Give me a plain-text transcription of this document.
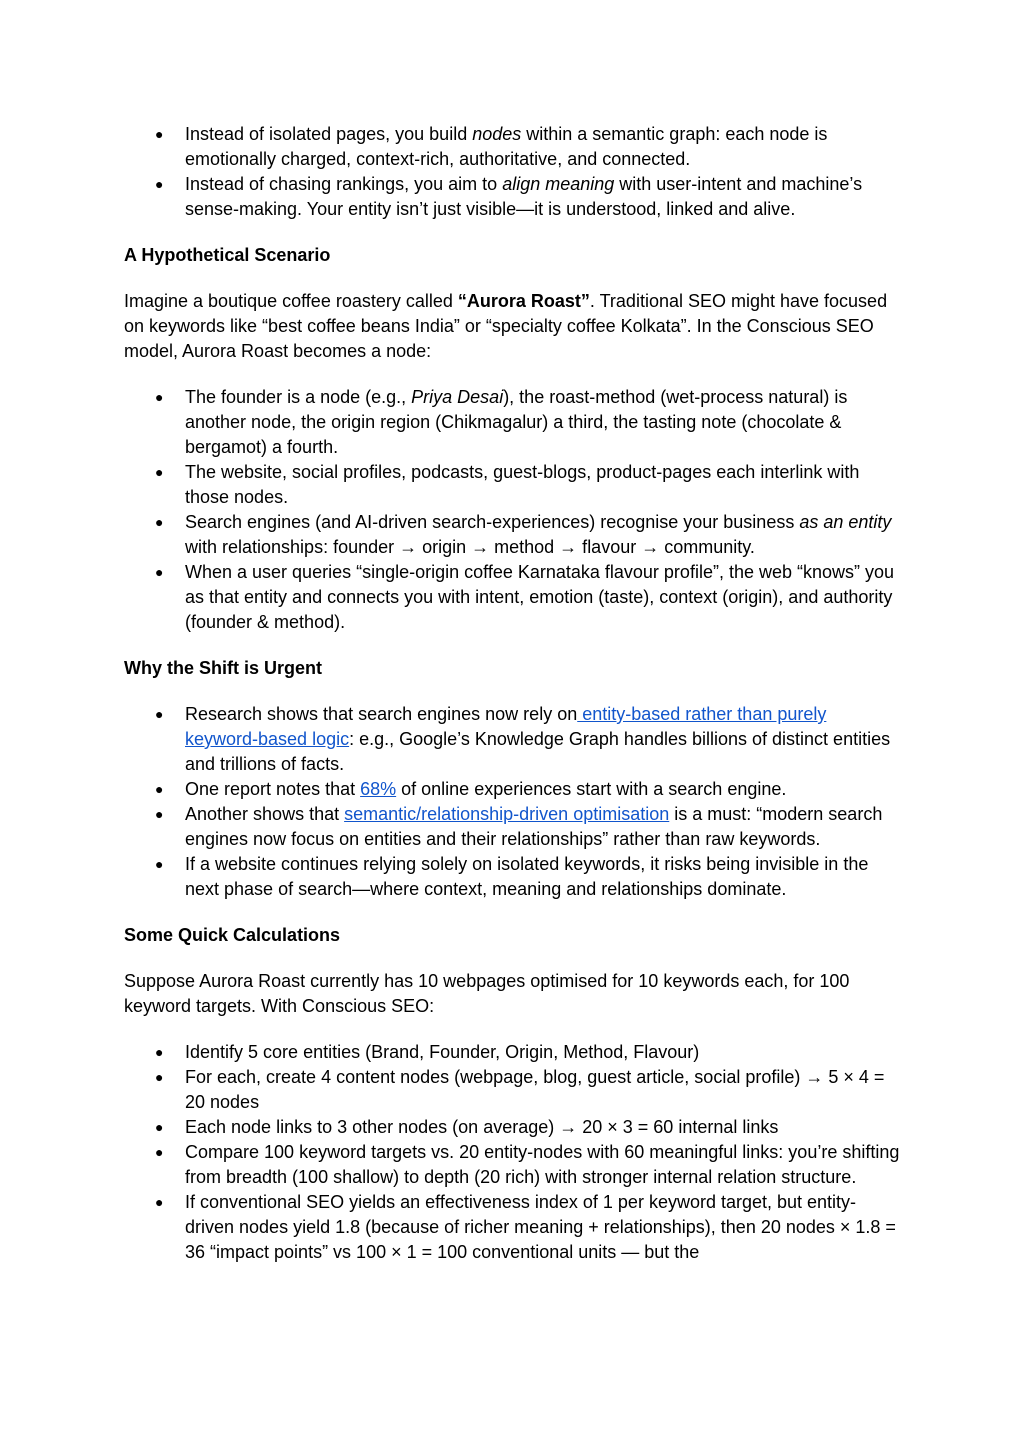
● Instead of isolated pages, you build nodes within a semantic graph: each node is emotionally charged, context-rich, authoritative, and connected.
● Instead of chasing rankings, you aim to align meaning with user-intent and machine’s sense-making. Your entity isn’t just visible—it is understood, linked and alive.

A Hypothetical Scenario

Imagine a boutique coffee roastery called “Aurora Roast”. Traditional SEO might have focused on keywords like “best coffee beans India” or “specialty coffee Kolkata”. In the Conscious SEO model, Aurora Roast becomes a node:

● The founder is a node (e.g., Priya Desai), the roast-method (wet-process natural) is another node, the origin region (Chikmagalur) a third, the tasting note (chocolate & bergamot) a fourth.
● The website, social profiles, podcasts, guest-blogs, product-pages each interlink with those nodes.
● Search engines (and AI-driven search-experiences) recognise your business as an entity with relationships: founder → origin → method → flavour → community.
● When a user queries “single-origin coffee Karnataka flavour profile”, the web “knows” you as that entity and connects you with intent, emotion (taste), context (origin), and authority (founder & method).

Why the Shift is Urgent

● Research shows that search engines now rely on entity-based rather than purely keyword-based logic: e.g., Google’s Knowledge Graph handles billions of distinct entities and trillions of facts.
● One report notes that 68% of online experiences start with a search engine.
● Another shows that semantic/relationship-driven optimisation is a must: “modern search engines now focus on entities and their relationships” rather than raw keywords.
● If a website continues relying solely on isolated keywords, it risks being invisible in the next phase of search—where context, meaning and relationships dominate.

Some Quick Calculations

Suppose Aurora Roast currently has 10 webpages optimised for 10 keywords each, for 100 keyword targets. With Conscious SEO:

● Identify 5 core entities (Brand, Founder, Origin, Method, Flavour)
● For each, create 4 content nodes (webpage, blog, guest article, social profile) → 5 × 4 = 20 nodes
● Each node links to 3 other nodes (on average) → 20 × 3 = 60 internal links
● Compare 100 keyword targets vs. 20 entity-nodes with 60 meaningful links: you’re shifting from breadth (100 shallow) to depth (20 rich) with stronger internal relation structure.
● If conventional SEO yields an effectiveness index of 1 per keyword target, but entity-driven nodes yield 1.8 (because of richer meaning + relationships), then 20 nodes × 1.8 = 36 “impact points” vs 100 × 1 = 100 conventional units — but the
